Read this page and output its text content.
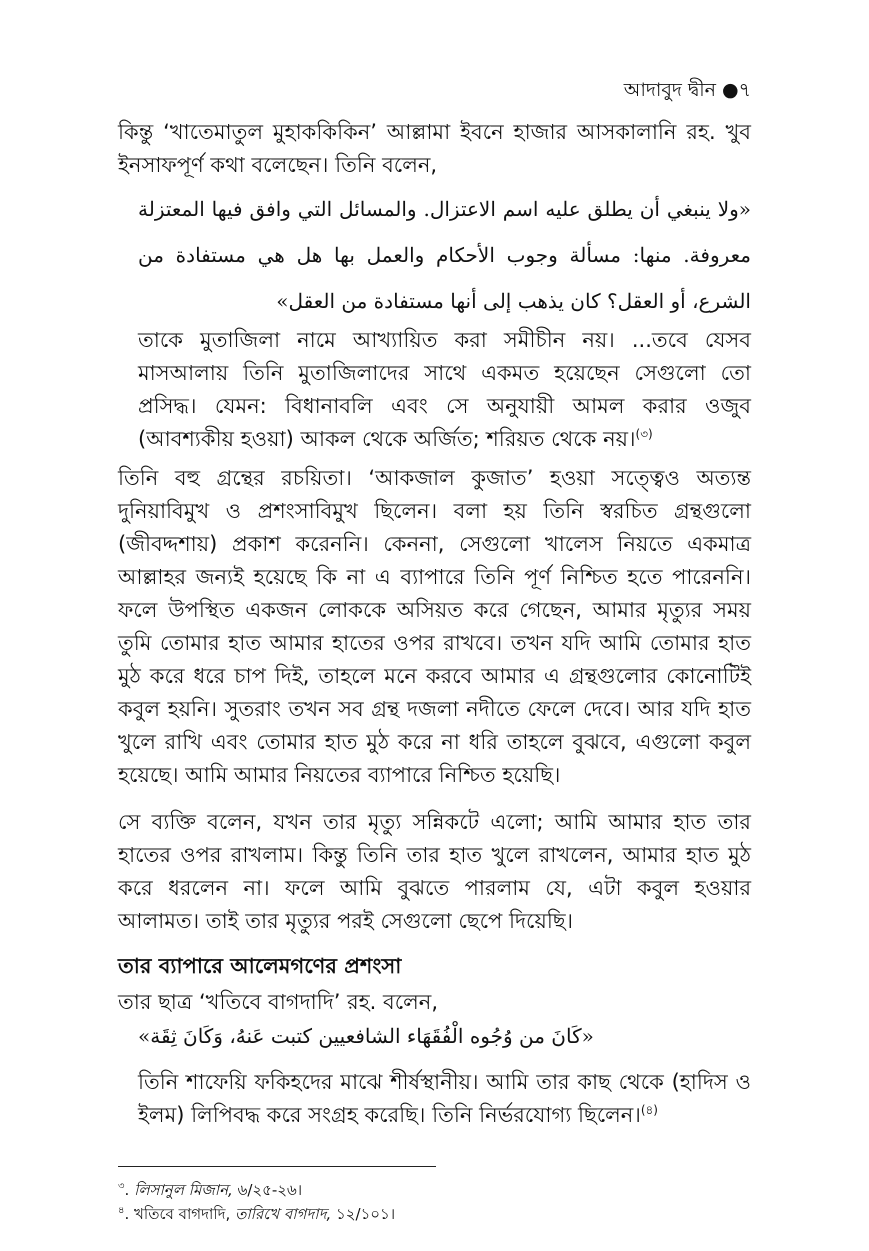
আদাবুদ দ্বীন ●৭
কিন্তু ‘খাতেমাতুল মুহাককিকিন’ আল্লামা ইবনে হাজার আসকালানি রহ. খুব ইনসাফপূর্ণ কথা বলেছেন। তিনি বলেন,
«ولا ينبغي أن يطلق عليه اسم الاعتزال. والمسائل التي وافق فيها المعتزلة معروفة. منها: مسألة وجوب الأحكام والعمل بها هل هي مستفادة من الشرع، أو العقل؟ كان يذهب إلى أنها مستفادة من العقل»
তাকে মুতাজিলা নামে আখ্যায়িত করা সমীচীন নয়। ...তবে যেসব মাসআলায় তিনি মুতাজিলাদের সাথে একমত হয়েছেন সেগুলো তো প্রসিদ্ধ। যেমন: বিধানাবলি এবং সে অনুযায়ী আমল করার ওজুব (আবশ্যকীয় হওয়া) আকল থেকে অর্জিত; শরিয়ত থেকে নয়।$^{(৩)}$
তিনি বহু গ্রন্থের রচয়িতা। ‘আকজাল কুজাত’ হওয়া সত্ত্বেও অত্যন্ত দুনিয়াবিমুখ ও প্রশংসাবিমুখ ছিলেন। বলা হয় তিনি স্বরচিত গ্রন্থগুলো (জীবদ্দশায়) প্রকাশ করেননি। কেননা, সেগুলো খালেস নিয়তে একমাত্র আল্লাহর জন্যই হয়েছে কি না এ ব্যাপারে তিনি পূর্ণ নিশ্চিত হতে পারেননি। ফলে উপস্থিত একজন লোককে অসিয়ত করে গেছেন, আমার মৃত্যুর সময় তুমি তোমার হাত আমার হাতের ওপর রাখবে। তখন যদি আমি তোমার হাত মুঠ করে ধরে চাপ দিই, তাহলে মনে করবে আমার এ গ্রন্থগুলোর কোনোটিই কবুল হয়নি। সুতরাং তখন সব গ্রন্থ দজলা নদীতে ফেলে দেবে। আর যদি হাত খুলে রাখি এবং তোমার হাত মুঠ করে না ধরি তাহলে বুঝবে, এগুলো কবুল হয়েছে। আমি আমার নিয়তের ব্যাপারে নিশ্চিত হয়েছি।
সে ব্যক্তি বলেন, যখন তার মৃত্যু সন্নিকটে এলো; আমি আমার হাত তার হাতের ওপর রাখলাম। কিন্তু তিনি তার হাত খুলে রাখলেন, আমার হাত মুঠ করে ধরলেন না। ফলে আমি বুঝতে পারলাম যে, এটা কবুল হওয়ার আলামত। তাই তার মৃত্যুর পরই সেগুলো ছেপে দিয়েছি।
তার ব্যাপারে আলেমগণের প্রশংসা
তার ছাত্র ‘খতিবে বাগদাদি’ রহ. বলেন,
«كَانَ من وُجُوه الْفُقَهَاء الشافعيين كتبت عَنهُ، وَكَانَ ثِقَة»
তিনি শাফেয়ি ফকিহদের মাঝে শীর্ষস্থানীয়। আমি তার কাছ থেকে (হাদিস ও ইলম) লিপিবদ্ধ করে সংগ্রহ করেছি। তিনি নির্ভরযোগ্য ছিলেন।$^{(৪)}$
$^৩$. লিসানুল মিজান, ৬/২৫-২৬।
$^৪$. খতিবে বাগদাদি, তারিখে বাগদাদ, ১২/১০১।
